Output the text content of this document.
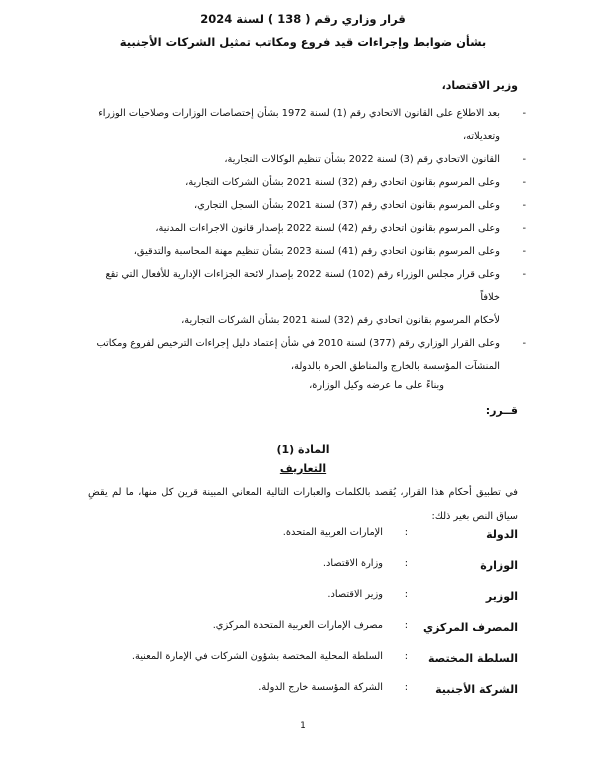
قرار وزاري رقم ( 138 ) لسنة 2024
بشأن ضوابط وإجراءات قيد فروع ومكاتب تمثيل الشركات الأجنبية
وزير الاقتصاد،
-
بعد الاطلاع على القانون الاتحادي رقم (1) لسنة 1972 بشأن إختصاصات الوزارات وصلاحيات الوزراء
وتعديلاته،
-
القانون الاتحادي رقم (3) لسنة 2022 بشأن تنظيم الوكالات التجارية،
-
وعلى المرسوم بقانون اتحادي رقم (32) لسنة 2021 بشأن الشركات التجارية،
-
وعلى المرسوم بقانون اتحادي رقم (37) لسنة 2021 بشأن السجل التجاري،
-
وعلى المرسوم بقانون اتحادي رقم (42) لسنة 2022 بإصدار قانون الاجراءات المدنية،
-
وعلى المرسوم بقانون اتحادي رقم (41) لسنة 2023 بشأن تنظيم مهنة المحاسبة والتدقيق،
-
وعلى قرار مجلس الوزراء رقم (102) لسنة 2022 بإصدار لائحة الجزاءات الإدارية للأفعال التي تقع خلافاً
لأحكام المرسوم بقانون اتحادي رقم (32) لسنة 2021 بشأن الشركات التجارية،
-
وعلى القرار الوزاري رقم (377) لسنة 2010 في شأن إعتماد دليل إجراءات الترخيص لفروع ومكاتب
المنشآت المؤسسة بالخارج والمناطق الحرة بالدولة،
وبناءً على ما عرضه وكيل الوزارة،
قــرر:
المادة (1)
التعاريف
في تطبيق أحكام هذا القرار، يُقصد بالكلمات والعبارات التالية المعاني المبينة قرين كل منها، ما لم يقضِ سياق النص بغير ذلك:
الدولة
:
الإمارات العربية المتحدة.
الوزارة
:
وزارة الاقتصاد.
الوزير
:
وزير الاقتصاد.
المصرف المركزي
:
مصرف الإمارات العربية المتحدة المركزي.
السلطة المختصة
:
السلطة المحلية المختصة بشؤون الشركات في الإمارة المعنية.
الشركة الأجنبية
:
الشركة المؤسسة خارج الدولة.
1
